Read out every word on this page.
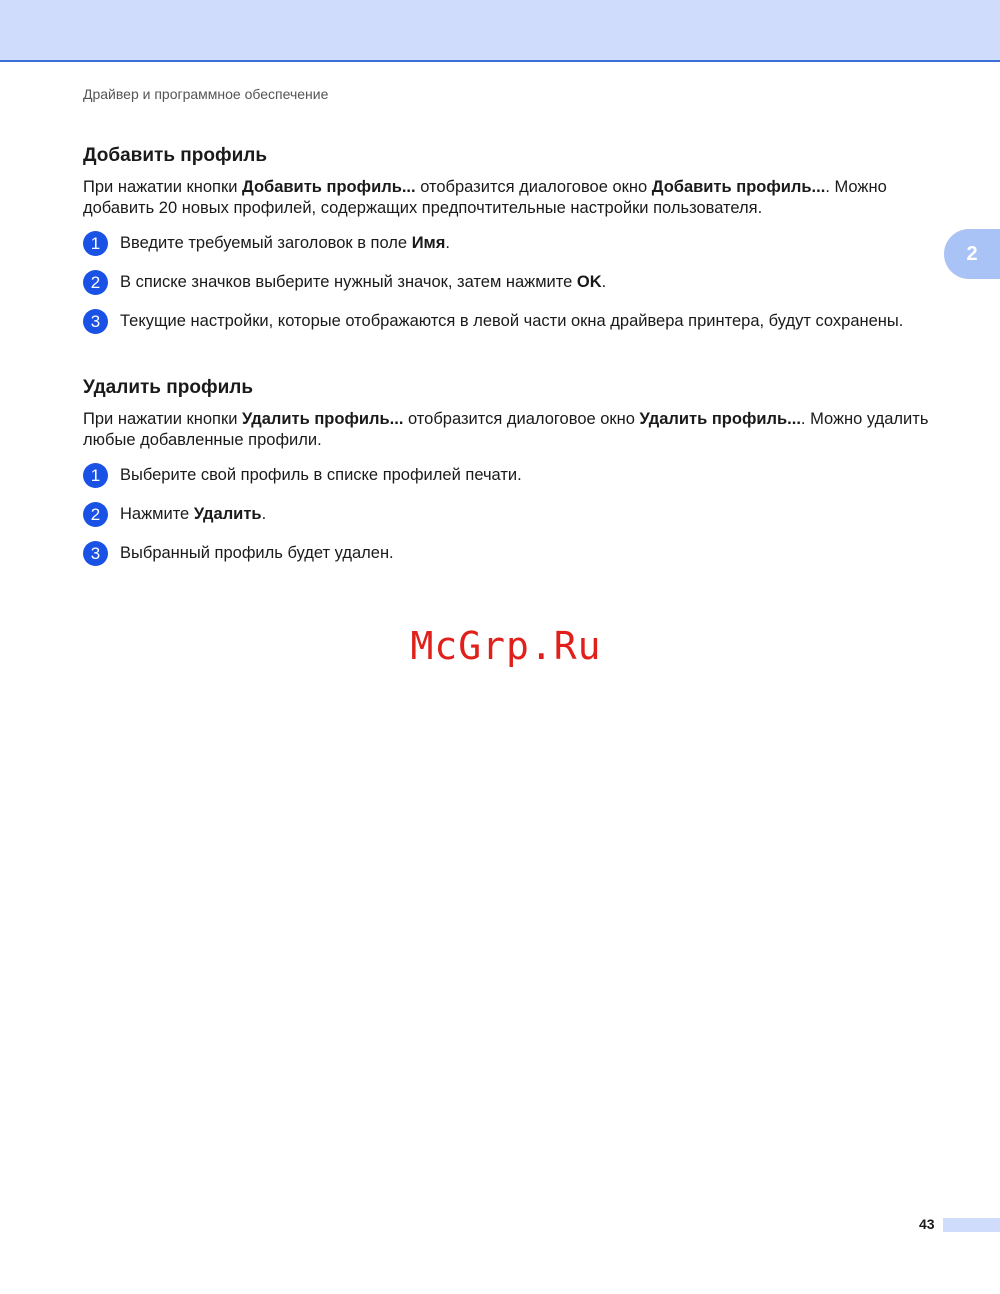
Драйвер и программное обеспечение
2
Добавить профиль

При нажатии кнопки Добавить профиль... отобразится диалоговое окно Добавить профиль.... Можно добавить 20 новых профилей, содержащих предпочтительные настройки пользователя.

1	Введите требуемый заголовок в поле Имя.
2	В списке значков выберите нужный значок, затем нажмите OK.
3	Текущие настройки, которые отображаются в левой части окна драйвера принтера, будут сохранены.
Удалить профиль

При нажатии кнопки Удалить профиль... отобразится диалоговое окно Удалить профиль.... Можно удалить любые добавленные профили.

1	Выберите свой профиль в списке профилей печати.
2	Нажмите Удалить.
3	Выбранный профиль будет удален.
McGrp.Ru
43
